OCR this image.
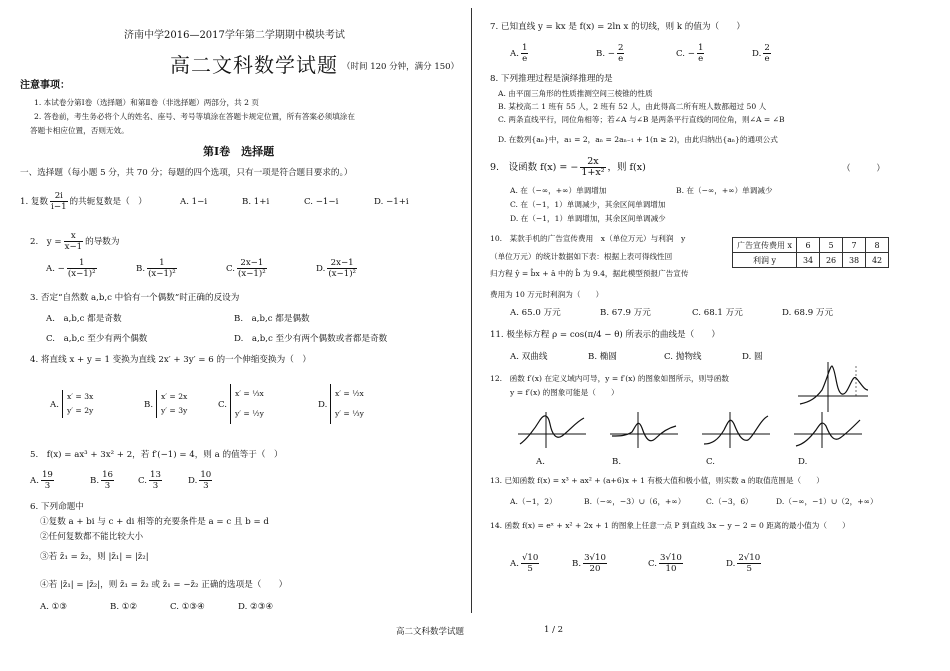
济南中学2016—2017学年第二学期期中模块考试
高二文科数学试题 （时间 120 分钟，满分 150）
注意事项：
1. 本试卷分第Ⅰ卷（选择题）和第Ⅱ卷（非选择题）两部分，共 2 页
2. 答卷前，考生务必将个人的姓名、座号、考号等填涂在答题卡规定位置，所有答案必须填涂在
答题卡相应位置，否则无效。
第Ⅰ卷　选择题
一、选择题（每小题 5 分，共 70 分；每题的四个选项，只有一项是符合题目要求的。）
1. 复数 $\frac{2i}{i-1}$ 的共轭复数是（　）	A. 1−i	B. 1+i	C. −1−i	D. −1+i
2.　$y = \frac{x}{x-1}$ 的导数为
A. − $\frac{1}{\text{(x−1)²}}$	B. $\frac{1}{\text{(x−1)²}}$	C. $\frac{2x-1}{\text{(x−1)²}}$	D. $\frac{2x-1}{\text{(x−1)²}}$
3. 否定“自然数 a,b,c 中恰有一个偶数”时正确的反设为
A.　a,b,c 都是奇数	B.　a,b,c 都是偶数
C.　a,b,c 至少有两个偶数	D.　a,b,c 至少有两个偶数或者都是奇数
4. 将直线 x + y = 1 变换为直线 2x′ + 3y′ = 6 的一个伸缩变换为（　）
A.
x′ = 3x
y′ = 2y
B.
x′ = 2x
y′ = 3y
C.
x′ = ⅓x
y′ = ½y
D.
x′ = ½x
y′ = ⅓y
5.　f(x) = ax³ + 3x² + 2，若 f′(−1) = 4，则 a 的值等于（　）
A. $\frac{19}{3}$	B. $\frac{16}{3}$	C. $\frac{13}{3}$	D. $\frac{10}{3}$
6. 下列命题中
①复数 a + bi 与 c + di 相等的充要条件是 a = c 且 b = d
②任何复数都不能比较大小
③若 z̄₁ = z̄₂，则 |z̄₁| = |z̄₂|
④若 |z̄₁| = |z̄₂|，则 z̄₁ = z̄₂ 或 z̄₁ = −z̄₂ 正确的选项是（　　）
A. ①③	B. ①②	C. ①③④	D. ②③④
7. 已知直线 y = kx 是 f(x) = 2ln x 的切线，则 k 的值为（　　）
A. $\frac{1}{e}$	B. − $\frac{2}{e}$	C. − $\frac{1}{e}$	D. $\frac{2}{e}$
8. 下列推理过程是演绎推理的是
A. 由平面三角形的性质推测空间三棱锥的性质
B. 某校高二 1 班有 55 人，2 班有 52 人，由此得高二所有班人数都超过 50 人
C. 两条直线平行，同位角相等；若∠A 与∠B 是两条平行直线的同位角，则∠A = ∠B
D. 在数列{aₙ}中，a₁ = 2，aₙ = 2aₙ₋₁ + 1(n ≥ 2)，由此归纳出{aₙ}的通项公式
9.　设函数 f(x) = − $\frac{2x}{\text{1+x²}}$ ，则 f(x)	（　　　）
A. 在（−∞，+∞）单调增加	B. 在（−∞，+∞）单调减少
C. 在（−1，1）单调减少，其余区间单调增加
D. 在（−1，1）单调增加，其余区间单调减少
10.　某款手机的广告宣传费用　x（单位万元）与利润　y
（单位万元）的统计数据如下表：根据上表可得线性回
归方程 ŷ = b̂x + â 中的 b̂ 为 9.4，据此模型预报广告宣传
费用为 10 万元时利润为（　　）
广告宣传费用 x	6	5	7	8
利润 y	34	26	38	42
A. 65.0 万元	B. 67.9 万元	C. 68.1 万元	D. 68.9 万元
11. 极坐标方程 ρ = cos(π/4 − θ) 所表示的曲线是（　　）
A. 双曲线	B. 椭圆	C. 抛物线	D. 圆
12.　函数 f′(x) 在定义域内可导，y = f′(x) 的图象如图所示，则导函数
y = f′(x) 的图象可能是（　　）
A.	B.	C.	D.
13. 已知函数 f(x) = x³ + ax² + (a+6)x + 1 有极大值和极小值，则实数 a 的取值范围是（　　）
A.（−1，2）	B.（−∞，−3）∪（6，+∞）	C.（−3，6）	D.（−∞，−1）∪（2，+∞）
14. 函数 f(x) = eˣ + x² + 2x + 1 的图象上任意一点 P 到直线 3x − y − 2 = 0 距离的最小值为（　　）
A. $\frac{√10}{5}$	B. $\frac{3√10}{20}$	C. $\frac{3√10}{10}$	D. $\frac{2√10}{5}$
高二文科数学试题	1 / 2
